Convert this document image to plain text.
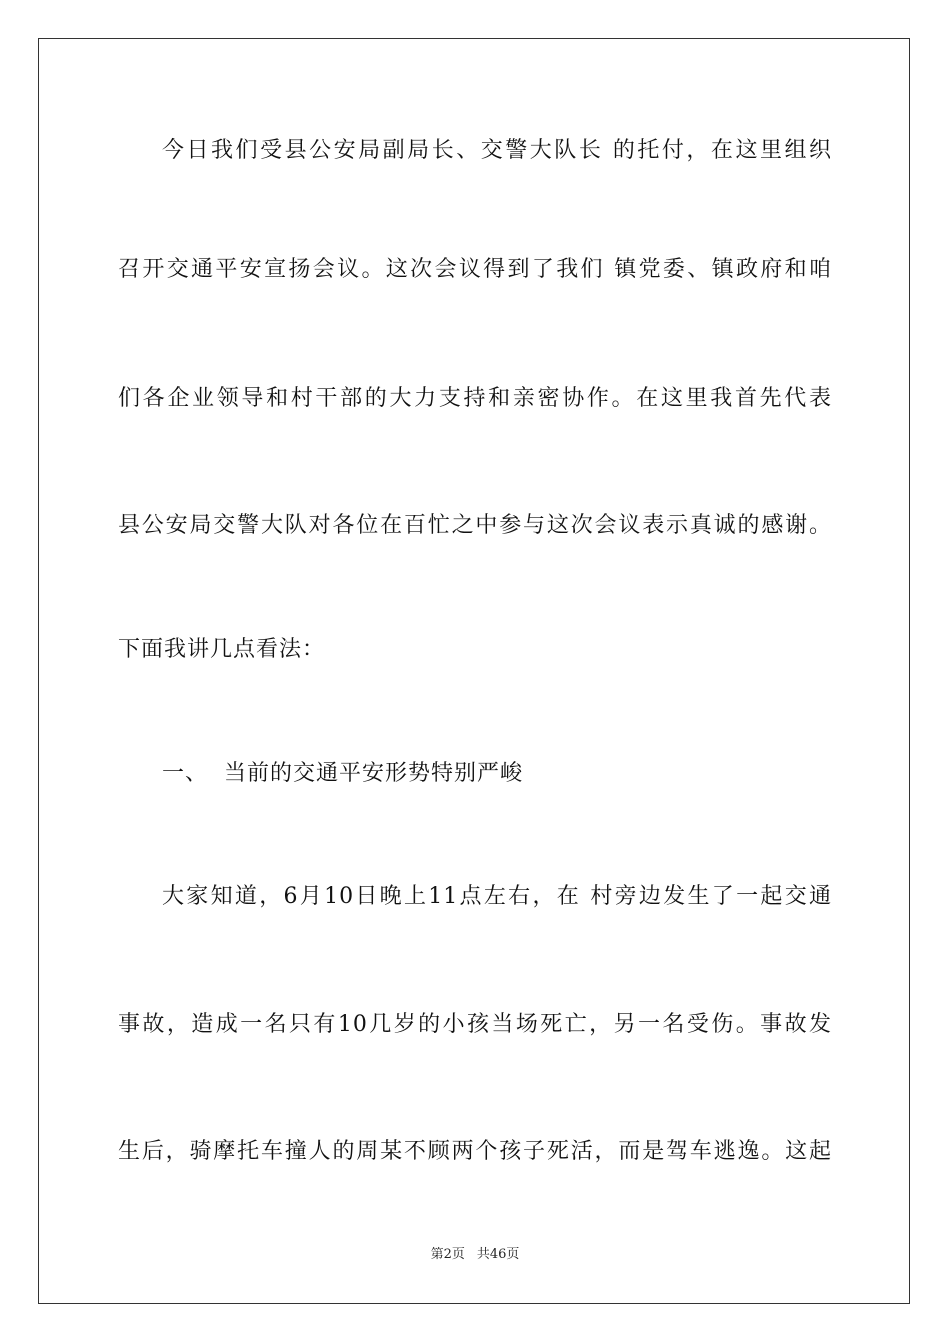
今日我们受县公安局副局长、交警大队长 的托付，在这里组织
召开交通平安宣扬会议。这次会议得到了我们 镇党委、镇政府和咱
们各企业领导和村干部的大力支持和亲密协作。在这里我首先代表
县公安局交警大队对各位在百忙之中参与这次会议表示真诚的感谢。
下面我讲几点看法：
一、  当前的交通平安形势特别严峻
大家知道，6月10日晚上11点左右，在 村旁边发生了一起交通
事故，造成一名只有10几岁的小孩当场死亡，另一名受伤。事故发
生后，骑摩托车撞人的周某不顾两个孩子死活，而是驾车逃逸。这起
第2页 共46页
